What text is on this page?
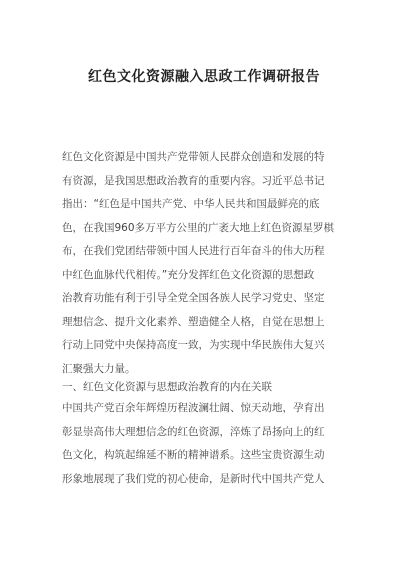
红色文化资源融入思政工作调研报告
红色文化资源是中国共产党带领人民群众创造和发展的特
有资源，是我国思想政治教育的重要内容。习近平总书记
指出：“红色是中国共产党、中华人民共和国最鲜亮的底
色，在我国960多万平方公里的广袤大地上红色资源星罗棋
布，在我们党团结带领中国人民进行百年奋斗的伟大历程
中红色血脉代代相传。”充分发挥红色文化资源的思想政
治教育功能有利于引导全党全国各族人民学习党史、坚定
理想信念、提升文化素养、塑造健全人格，自觉在思想上
行动上同党中央保持高度一致，为实现中华民族伟大复兴
汇聚强大力量。
一、红色文化资源与思想政治教育的内在关联
中国共产党百余年辉煌历程波澜壮阔、惊天动地，孕育出
彰显崇高伟大理想信念的红色资源，淬炼了昂扬向上的红
色文化，构筑起绵延不断的精神谱系。这些宝贵资源生动
形象地展现了我们党的初心使命，是新时代中国共产党人
